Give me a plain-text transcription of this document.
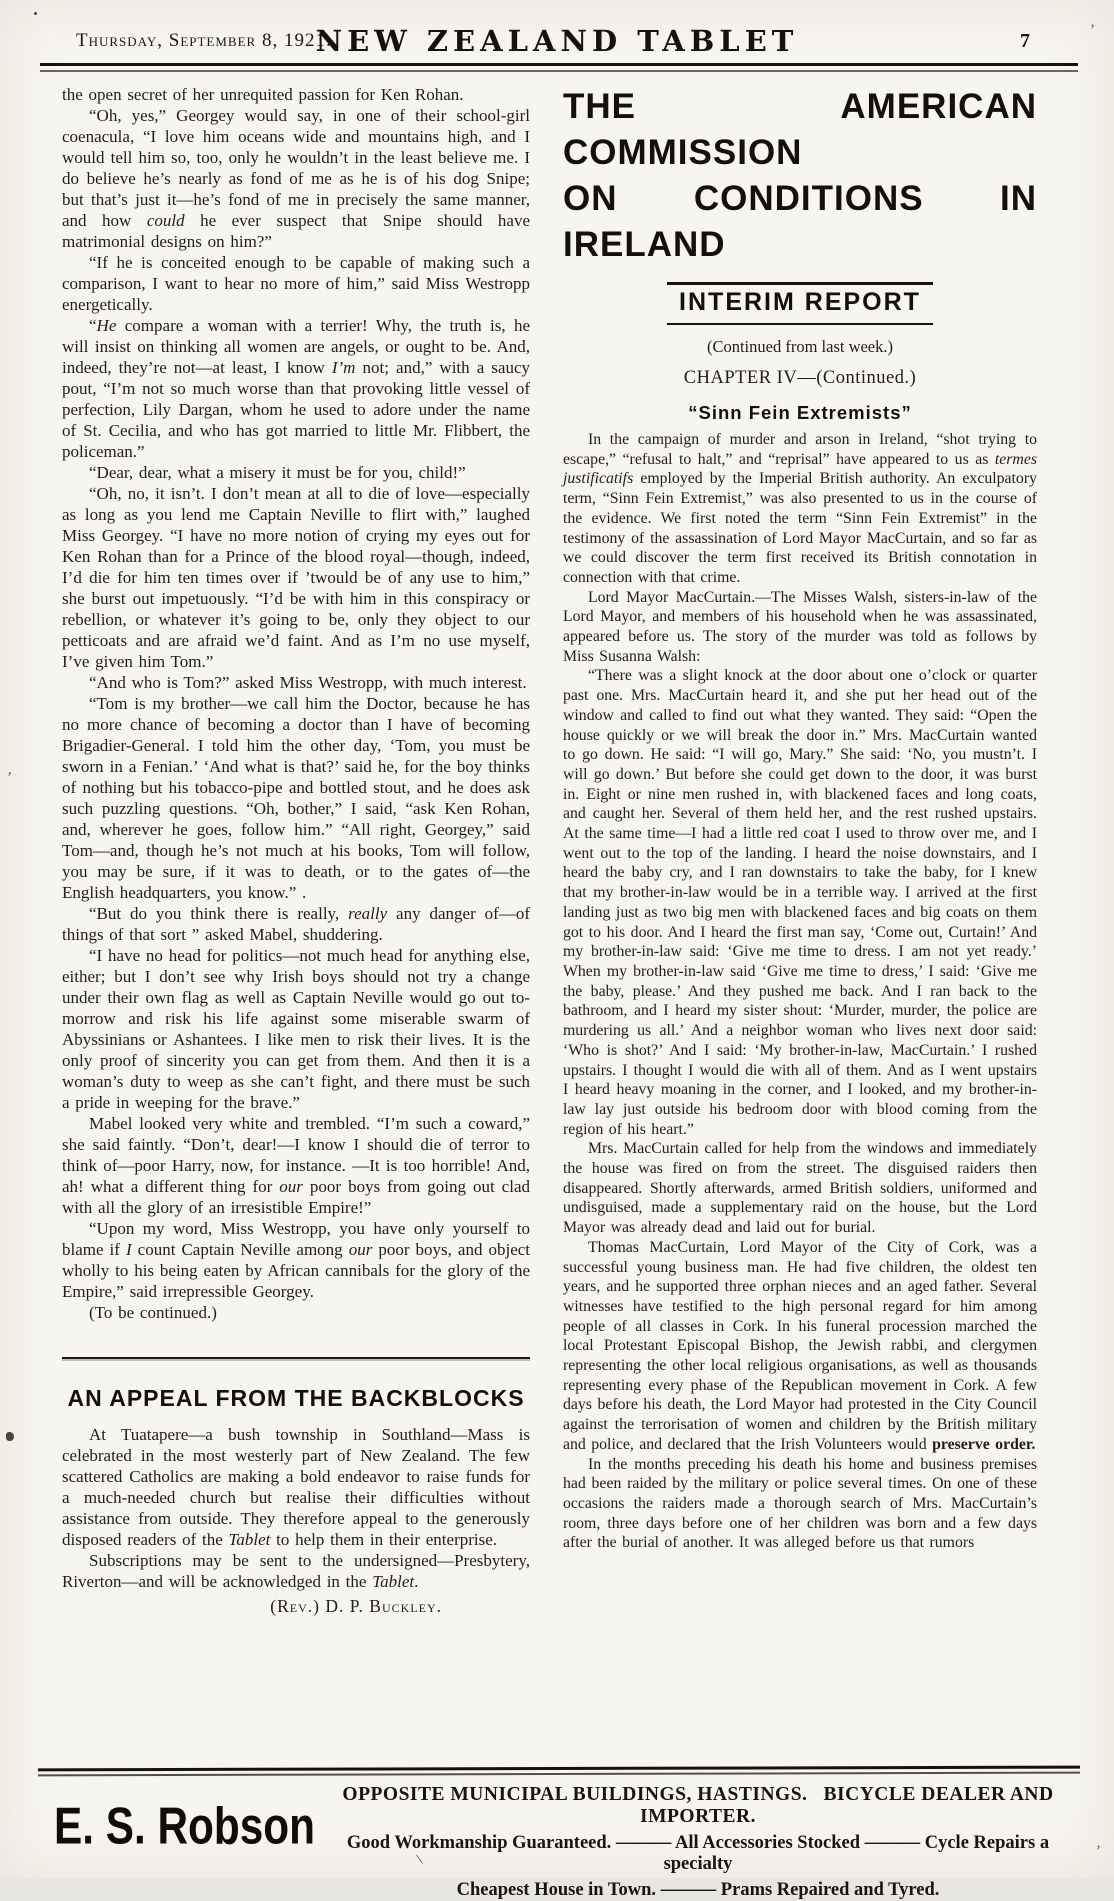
Thursday, September 8, 1921.
NEW ZEALAND TABLET	7

the open secret of her unrequited passion for Ken Rohan.

“Oh, yes,” Georgey would say, in one of their school-girl coenacula, “I love him oceans wide and mountains high, and I would tell him so, too, only he wouldn’t in the least believe me. I do believe he’s nearly as fond of me as he is of his dog Snipe; but that’s just it—he’s fond of me in precisely the same manner, and how could he ever suspect that Snipe should have matrimonial designs on him?”

“If he is conceited enough to be capable of making such a comparison, I want to hear no more of him,” said Miss Westropp energetically.

“He compare a woman with a terrier! Why, the truth is, he will insist on thinking all women are angels, or ought to be. And, indeed, they’re not—at least, I know I’m not; and,” with a saucy pout, “I’m not so much worse than that provoking little vessel of perfection, Lily Dargan, whom he used to adore under the name of St. Cecilia, and who has got married to little Mr. Flibbert, the policeman.”

“Dear, dear, what a misery it must be for you, child!”

“Oh, no, it isn’t. I don’t mean at all to die of love—especially as long as you lend me Captain Neville to flirt with,” laughed Miss Georgey. “I have no more notion of crying my eyes out for Ken Rohan than for a Prince of the blood royal—though, indeed, I’d die for him ten times over if ’twould be of any use to him,” she burst out impetuously. “I’d be with him in this conspiracy or rebellion, or whatever it’s going to be, only they object to our petticoats and are afraid we’d faint. And as I’m no use myself, I’ve given him Tom.”

“And who is Tom?” asked Miss Westropp, with much interest.

“Tom is my brother—we call him the Doctor, because he has no more chance of becoming a doctor than I have of becoming Brigadier-General. I told him the other day, ‘Tom, you must be sworn in a Fenian.’ ‘And what is that?’ said he, for the boy thinks of nothing but his tobacco-pipe and bottled stout, and he does ask such puzzling questions. “Oh, bother,” I said, “ask Ken Rohan, and, wherever he goes, follow him.” “All right, Georgey,” said Tom—and, though he’s not much at his books, Tom will follow, you may be sure, if it was to death, or to the gates of—the English headquarters, you know.” .

“But do you think there is really, really any danger of—of things of that sort ” asked Mabel, shuddering.

“I have no head for politics—not much head for anything else, either; but I don’t see why Irish boys should not try a change under their own flag as well as Captain Neville would go out to-morrow and risk his life against some miserable swarm of Abyssinians or Ashantees. I like men to risk their lives. It is the only proof of sincerity you can get from them. And then it is a woman’s duty to weep as she can’t fight, and there must be such a pride in weeping for the brave.”

Mabel looked very white and trembled. “I’m such a coward,” she said faintly. “Don’t, dear!—I know I should die of terror to think of—poor Harry, now, for instance. —It is too horrible! And, ah! what a different thing for our poor boys from going out clad with all the glory of an irresistible Empire!”

“Upon my word, Miss Westropp, you have only yourself to blame if I count Captain Neville among our poor boys, and object wholly to his being eaten by African cannibals for the glory of the Empire,” said irrepressible Georgey.

(To be continued.)

AN APPEAL FROM THE BACKBLOCKS

At Tuatapere—a bush township in Southland—Mass is celebrated in the most westerly part of New Zealand. The few scattered Catholics are making a bold endeavor to raise funds for a much-needed church but realise their difficulties without assistance from outside. They therefore appeal to the generously disposed readers of the Tablet to help them in their enterprise.

Subscriptions may be sent to the undersigned—Presbytery, Riverton—and will be acknowledged in the Tablet.

(Rev.) D. P. Buckley.
THE AMERICAN COMMISSION
ON CONDITIONS IN IRELAND
INTERIM REPORT
(Continued from last week.)
CHAPTER IV—(Continued.)
“Sinn Fein Extremists”

In the campaign of murder and arson in Ireland, “shot trying to escape,” “refusal to halt,” and “reprisal” have appeared to us as termes justificatifs employed by the Imperial British authority. An exculpatory term, “Sinn Fein Extremist,” was also presented to us in the course of the evidence. We first noted the term “Sinn Fein Extremist” in the testimony of the assassination of Lord Mayor MacCurtain, and so far as we could discover the term first received its British connotation in connection with that crime.

Lord Mayor MacCurtain.—The Misses Walsh, sisters-in-law of the Lord Mayor, and members of his household when he was assassinated, appeared before us. The story of the murder was told as follows by Miss Susanna Walsh:

“There was a slight knock at the door about one o’clock or quarter past one. Mrs. MacCurtain heard it, and she put her head out of the window and called to find out what they wanted. They said: “Open the house quickly or we will break the door in.” Mrs. MacCurtain wanted to go down. He said: “I will go, Mary.” She said: ‘No, you mustn’t. I will go down.’ But before she could get down to the door, it was burst in. Eight or nine men rushed in, with blackened faces and long coats, and caught her. Several of them held her, and the rest rushed upstairs. At the same time—I had a little red coat I used to throw over me, and I went out to the top of the landing. I heard the noise downstairs, and I heard the baby cry, and I ran downstairs to take the baby, for I knew that my brother-in-law would be in a terrible way. I arrived at the first landing just as two big men with blackened faces and big coats on them got to his door. And I heard the first man say, ‘Come out, Curtain!’ And my brother-in-law said: ‘Give me time to dress. I am not yet ready.’ When my brother-in-law said ‘Give me time to dress,’ I said: ‘Give me the baby, please.’ And they pushed me back. And I ran back to the bathroom, and I heard my sister shout: ‘Murder, murder, the police are murdering us all.’ And a neighbor woman who lives next door said: ‘Who is shot?’ And I said: ‘My brother-in-law, MacCurtain.’ I rushed upstairs. I thought I would die with all of them. And as I went upstairs I heard heavy moaning in the corner, and I looked, and my brother-in-law lay just outside his bedroom door with blood coming from the region of his heart.”

Mrs. MacCurtain called for help from the windows and immediately the house was fired on from the street. The disguised raiders then disappeared. Shortly afterwards, armed British soldiers, uniformed and undisguised, made a supplementary raid on the house, but the Lord Mayor was already dead and laid out for burial.

Thomas MacCurtain, Lord Mayor of the City of Cork, was a successful young business man. He had five children, the oldest ten years, and he supported three orphan nieces and an aged father. Several witnesses have testified to the high personal regard for him among people of all classes in Cork. In his funeral procession marched the local Protestant Episcopal Bishop, the Jewish rabbi, and clergymen representing the other local religious organisations, as well as thousands representing every phase of the Republican movement in Cork. A few days before his death, the Lord Mayor had protested in the City Council against the terrorisation of women and children by the British military and police, and declared that the Irish Volunteers would preserve order.

In the months preceding his death his home and business premises had been raided by the military or police several times. On one of these occasions the raiders made a thorough search of Mrs. MacCurtain’s room, three days before one of her children was born and a few days after the burial of another. It was alleged before us that rumors

E. S. Robson
OPPOSITE MUNICIPAL BUILDINGS, HASTINGS.   BICYCLE DEALER AND IMPORTER.
Good Workmanship Guaranteed. ——— All Accessories Stocked ——— Cycle Repairs a specialty
Cheapest House in Town. ——— Prams Repaired and Tyred.
’
’
’
\
